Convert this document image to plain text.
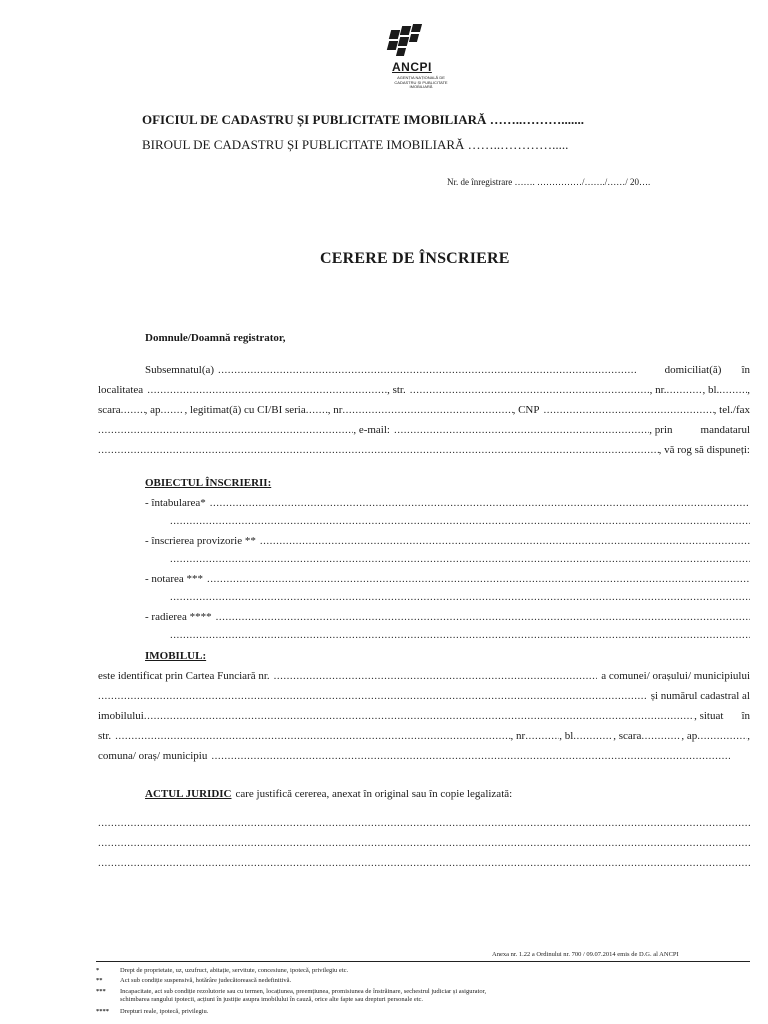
ANCPI
AGENȚIA NAȚIONALĂ DE CADASTRU ȘI PUBLICITATE IMOBILIARĂ
OFICIUL DE CADASTRU ȘI PUBLICITATE IMOBILIARĂ ……..……….......
BIROUL DE CADASTRU ȘI PUBLICITATE IMOBILIARĂ ……..………….....
Nr. de înregistrare ……. ……………/……./……/ 20….
CERERE DE ÎNSCRIERE
Domnule/Doamnă registrator,
Subsemnatul(a) .....	domiciliat(ă) în
localitatea .....	, str. .....	, nr. .....	, bl. .....	,
scara ..... , ap ..... , legitimat(ă) cu CI/BI seria ..... , nr .....	, CNP .....	, tel./fax
.....
, e-mail: .....	, prin	mandatarul
.....
, vă rog să dispuneți:
OBIECTUL ÎNSCRIERII:
- întabularea*
.....
.....
- înscrierea provizorie **
.....
.....
- notarea ***
.....
.....
- radierea ****
.....
.....
IMOBILUL:
este identificat prin Cartea Funciară nr. .....	a comunei/ orașului/ municipiului
.....
și numărul cadastral al
imobilului .....	, situat în
str. .....	, nr .....	, bl .....	, scara .....	, ap .....	,
comuna/ oraș/ municipiu
.....
ACTUL JURIDIC care justifică cererea, anexat în original sau în copie legalizată:
.....
.....
.....
Anexa nr. 1.22 a Ordinului nr. 700 / 09.07.2014 emis de D.G. al ANCPI
*	Drept de proprietate, uz, uzufruct, abitație, servitute, concesiune, ipotecă, privilegiu etc.
**	Act sub condiție suspensivă, hotărâre judecătorească nedefinitivă.
*** Incapacitate, act sub condiție rezolutorie sau cu termen, locațiunea, preemțiunea, promisiunea de înstrăinare, sechestrul judiciar și asigurator,
schimbarea rangului ipotecii, acțiuni în justiție asupra imobilului în cauză, orice alte fapte sau drepturi personale etc.
**** Drepturi reale, ipotecă, privilegiu.
